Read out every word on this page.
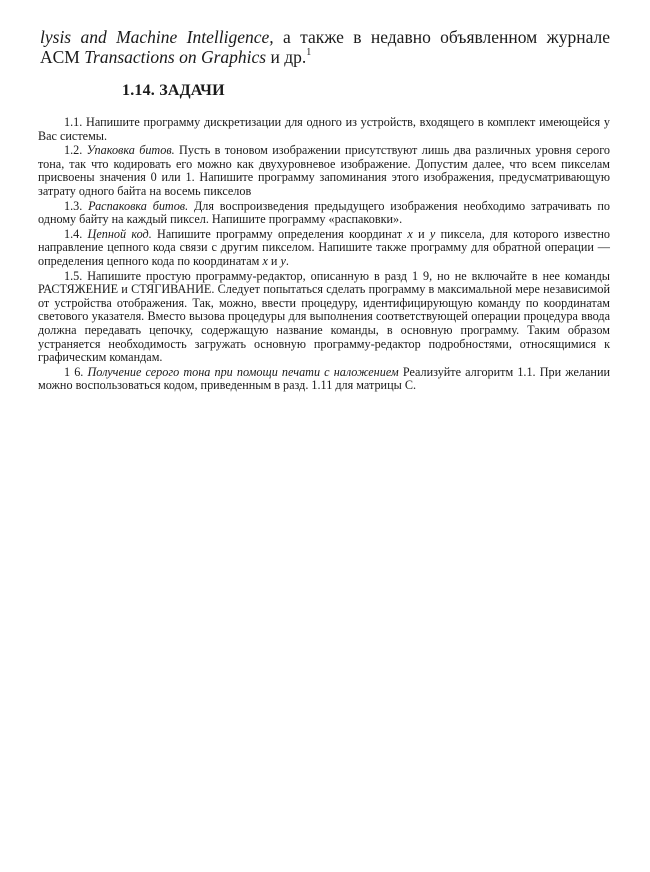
lysis and Machine Intelligence, а также в недавно объявленном журнале
ACM Transactions on Graphics и др.$^1$
1.14. ЗАДАЧИ

1.1. Напишите программу дискретизации для одного из устройств, входящего в комплект имеющейся у Вас системы.

1.2. Упаковка битов. Пусть в тоновом изображении присутствуют лишь два различных уровня серого тона, так что кодировать его можно как двухуровневое изображение. Допустим далее, что всем пикселам присвоены значения 0 или 1. Напишите программу запоминания этого изображения, предусматривающую затрату одного байта на восемь пикселов

1.3. Распаковка битов. Для воспроизведения предыдущего изображения необходимо затрачивать по одному байту на каждый пиксел. Напишите программу «распаковки».

1.4. Цепной код. Напишите программу определения координат x и y пиксела, для которого известно направление цепного кода связи с другим пикселом. Напишите также программу для обратной операции — определения цепного кода по координатам x и y.

1.5. Напишите простую программу-редактор, описанную в разд 1 9, но не включайте в нее команды РАСТЯЖЕНИЕ и СТЯГИВАНИЕ. Следует попытаться сделать программу в максимальной мере независимой от устройства отображения. Так, можно, ввести процедуру, идентифицирующую команду по координатам светового указателя. Вместо вызова процедуры для выполнения соответствующей операции процедура ввода должна передавать цепочку, содержащую название команды, в основную программу. Таким образом устраняется необходимость загружать основную программу-редактор подробностями, относящимися к графическим командам.

1 6. Получение серого тона при помощи печати с наложением Реализуйте алгоритм 1.1. При желании можно воспользоваться кодом, приведенным в разд. 1.11 для матрицы С.
